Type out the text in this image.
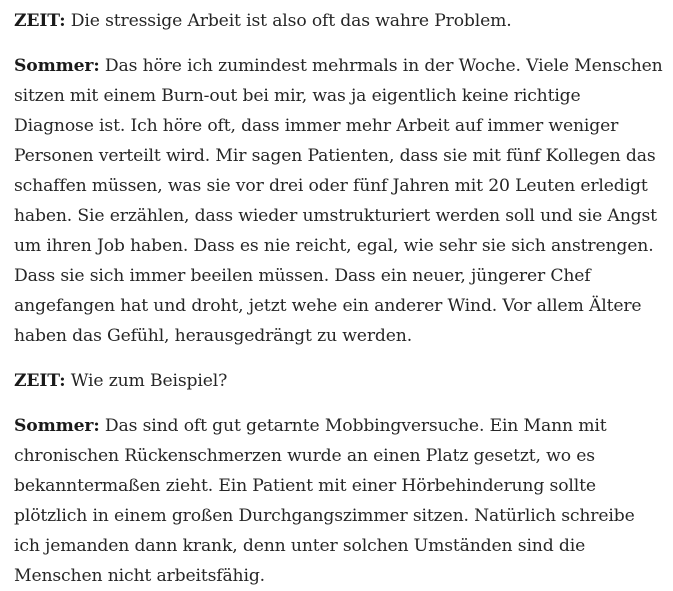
ZEIT: Die stressige Arbeit ist also oft das wahre Problem.

Sommer: Das höre ich zumindest mehrmals in der Woche. Viele Menschen sitzen mit einem Burn-out bei mir, was ja eigentlich keine richtige Diagnose ist. Ich höre oft, dass immer mehr Arbeit auf immer weniger Personen verteilt wird. Mir sagen Patienten, dass sie mit fünf Kollegen das schaffen müssen, was sie vor drei oder fünf Jahren mit 20 Leuten erledigt haben. Sie erzählen, dass wieder umstrukturiert werden soll und sie Angst um ihren Job haben. Dass es nie reicht, egal, wie sehr sie sich anstrengen. Dass sie sich immer beeilen müssen. Dass ein neuer, jüngerer Chef angefangen hat und droht, jetzt wehe ein anderer Wind. Vor allem Ältere haben das Gefühl, herausgedrängt zu werden.

ZEIT: Wie zum Beispiel?

Sommer: Das sind oft gut getarnte Mobbingversuche. Ein Mann mit chronischen Rückenschmerzen wurde an einen Platz gesetzt, wo es bekanntermaßen zieht. Ein Patient mit einer Hörbehinderung sollte plötzlich in einem großen Durchgangszimmer sitzen. Natürlich schreibe ich jemanden dann krank, denn unter solchen Umständen sind die Menschen nicht arbeitsfähig.
